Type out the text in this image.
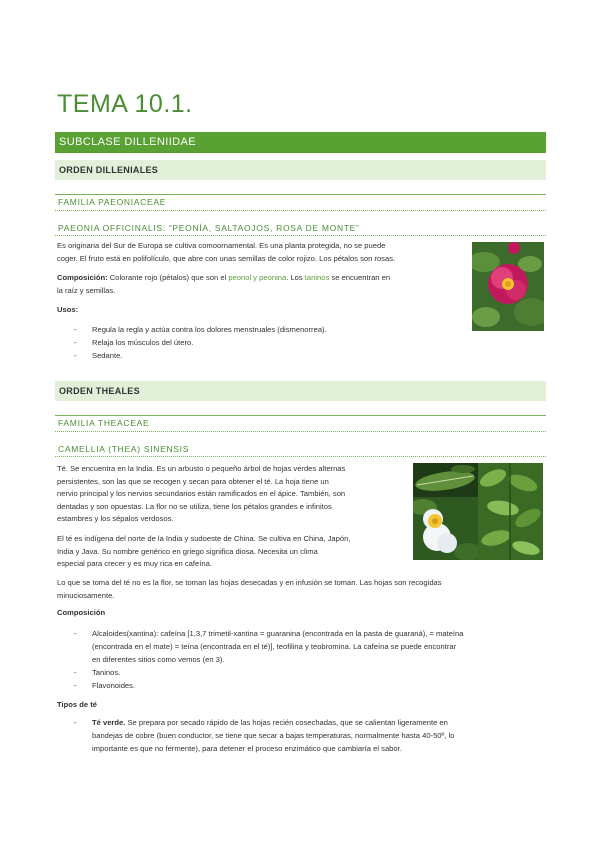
TEMA 10.1.
SUBCLASE DILLENIIDAE
ORDEN DILLENIALES
FAMILIA PAEONIACEAE
PAEONIA OFFICINALIS: “PEONÍA, SALTAOJOS, ROSA DE MONTE”
Es originaria del Sur de Europa se cultiva comoornamental. Es una planta protegida, no se puede
coger. El fruto está en polifolículo, que abre con unas semillas de color rojizo. Los pétalos son rosas.
Composición: Colorante rojo (pétalos) que son el peonol y peonina. Los taninos se encuentran en
la raíz y semillas.
Usos:
- Regula la regla y actúa contra los dolores menstruales (dismenorrea).
- Relaja los músculos del útero.
- Sedante.
ORDEN THEALES
FAMILIA THEACEAE
CAMELLIA (THEA) SINENSIS
Té. Se encuentra en la India. Es un arbusto o pequeño árbol de hojas verdes alternas
persistentes, son las que se recogen y secan para obtener el té. La hoja tiene un
nervio principal y los nervios secundarios están ramificados en el ápice. También, son
dentadas y son opuestas. La flor no se utiliza, tiene los pétalos grandes e infinitos
estambres y los sépalos verdosos.
El té es indígena del norte de la India y sudoeste de China. Se cultiva en China, Japón,
India y Java. Su nombre genérico en griego significa diosa. Necesita un clima
especial para crecer y es muy rica en cafeína.
Lo que se toma del té no es la flor, se toman las hojas desecadas y en infusión se toman. Las hojas son recogidas
minuciosamente.
Composición
- Alcaloides(xantina): cafeína [1,3,7 trimetil-xantina = guaranina (encontrada en la pasta de guaraná), = mateína
(encontrada en el mate) = teína (encontrada en el té)], teofilina y teobromina. La cafeína se puede encontrar
en diferentes sitios como vemos (en 3).
- Taninos.
- Flavonoides.
Tipos de té
- Té verde. Se prepara por secado rápido de las hojas recién cosechadas, que se calientan ligeramente en
bandejas de cobre (buen conductor, se tiene que secar a bajas temperaturas, normalmente hasta 40-50º, lo
importante es que no fermente), para detener el proceso enzimático que cambiaría el sabor.
